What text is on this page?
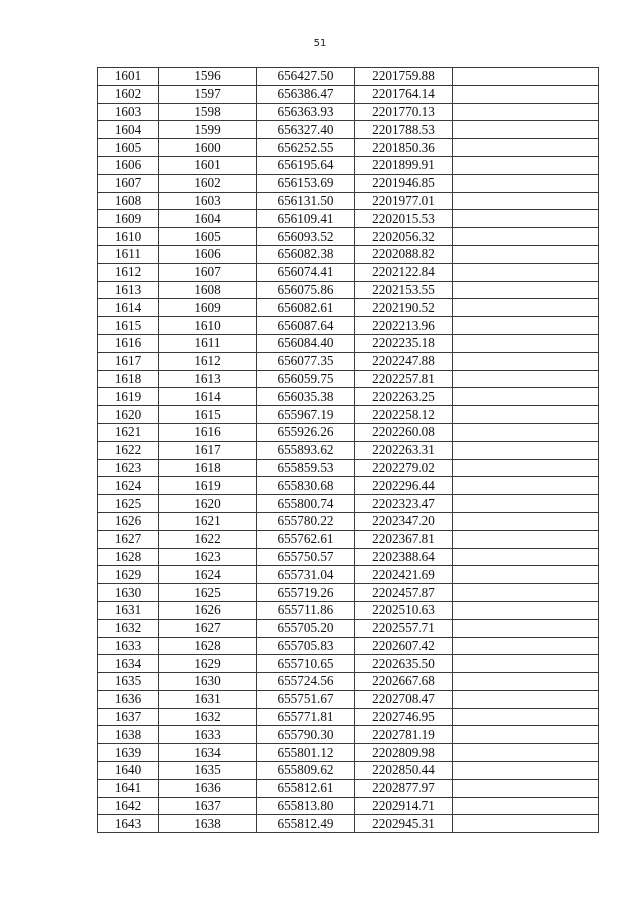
51
1601	1596	656427.50	2201759.88	
1602	1597	656386.47	2201764.14	
1603	1598	656363.93	2201770.13	
1604	1599	656327.40	2201788.53	
1605	1600	656252.55	2201850.36	
1606	1601	656195.64	2201899.91	
1607	1602	656153.69	2201946.85	
1608	1603	656131.50	2201977.01	
1609	1604	656109.41	2202015.53	
1610	1605	656093.52	2202056.32	
1611	1606	656082.38	2202088.82	
1612	1607	656074.41	2202122.84	
1613	1608	656075.86	2202153.55	
1614	1609	656082.61	2202190.52	
1615	1610	656087.64	2202213.96	
1616	1611	656084.40	2202235.18	
1617	1612	656077.35	2202247.88	
1618	1613	656059.75	2202257.81	
1619	1614	656035.38	2202263.25	
1620	1615	655967.19	2202258.12	
1621	1616	655926.26	2202260.08	
1622	1617	655893.62	2202263.31	
1623	1618	655859.53	2202279.02	
1624	1619	655830.68	2202296.44	
1625	1620	655800.74	2202323.47	
1626	1621	655780.22	2202347.20	
1627	1622	655762.61	2202367.81	
1628	1623	655750.57	2202388.64	
1629	1624	655731.04	2202421.69	
1630	1625	655719.26	2202457.87	
1631	1626	655711.86	2202510.63	
1632	1627	655705.20	2202557.71	
1633	1628	655705.83	2202607.42	
1634	1629	655710.65	2202635.50	
1635	1630	655724.56	2202667.68	
1636	1631	655751.67	2202708.47	
1637	1632	655771.81	2202746.95	
1638	1633	655790.30	2202781.19	
1639	1634	655801.12	2202809.98	
1640	1635	655809.62	2202850.44	
1641	1636	655812.61	2202877.97	
1642	1637	655813.80	2202914.71	
1643	1638	655812.49	2202945.31	
